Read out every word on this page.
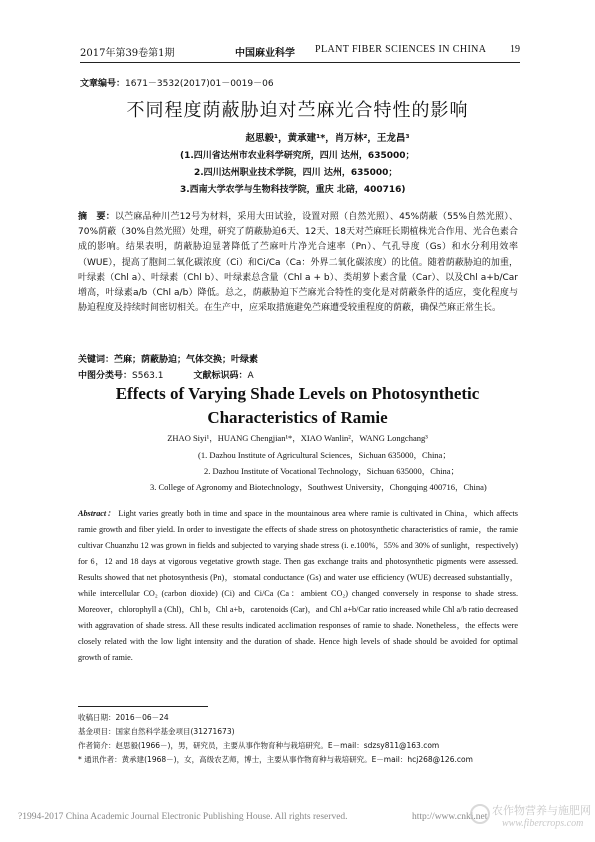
2017年第39卷第1期	中国麻业科学 PLANT FIBER SCIENCES IN CHINA 19
文章编号：1671－3532(2017)01－0019－06
不同程度荫蔽胁迫对苎麻光合特性的影响
赵思毅¹，黄承建¹*，肖万林²，王龙昌³
(1.四川省达州市农业科学研究所，四川 达州，635000；
2.四川达州职业技术学院，四川 达州，635000；
3.西南大学农学与生物科技学院，重庆 北碚，400716)
摘　要：以苎麻品种川苎12号为材料，采用大田试验，设置对照（自然光照）、45%荫蔽（55%自然光照）、70%荫蔽（30%自然光照）处理，研究了荫蔽胁迫6天、12天、18天对苎麻旺长期植株光合作用、光合色素合成的影响。结果表明，荫蔽胁迫显著降低了苎麻叶片净光合速率（Pn）、气孔导度（Gs）和水分利用效率（WUE），提高了胞间二氧化碳浓度（Ci）和Ci/Ca（Ca：外界二氧化碳浓度）的比值。随着荫蔽胁迫的加重，叶绿素（Chl a）、叶绿素（Chl b）、叶绿素总含量（Chl a + b）、类胡萝卜素含量（Car）、以及Chl a+b/Car增高，叶绿素a/b（Chl a/b）降低。总之，荫蔽胁迫下苎麻光合特性的变化是对荫蔽条件的适应，变化程度与胁迫程度及持续时间密切相关。在生产中，应采取措施避免苎麻遭受较重程度的荫蔽，确保苎麻正常生长。
关键词：苎麻；荫蔽胁迫；气体交换；叶绿素
中图分类号：S563.1	文献标识码：A
Effects of Varying Shade Levels on Photosynthetic
Characteristics of Ramie
ZHAO Siyi¹，HUANG Chengjian¹*，XIAO Wanlin²，WANG Longchang³
(1. Dazhou Institute of Agricultural Sciences，Sichuan 635000，China；
2. Dazhou Institute of Vocational Technology，Sichuan 635000，China；
3. College of Agronomy and Biotechnology，Southwest University，Chongqing 400716，China)
Abstract： Light varies greatly both in time and space in the mountainous area where ramie is cultivated in China，which affects ramie growth and fiber yield. In order to investigate the effects of shade stress on photosynthetic characteristics of ramie，the ramie cultivar Chuanzhu 12 was grown in fields and subjected to varying shade stress (i. e.100%，55% and 30% of sunlight，respectively) for 6，12 and 18 days at vigorous vegetative growth stage. Then gas exchange traits and photosynthetic pigments were assessed. Results showed that net photosynthesis (Pn)，stomatal conductance (Gs) and water use efficiency (WUE) decreased substantially，while intercellular CO₂ (carbon dioxide) (Ci) and Ci/Ca (Ca：ambient CO₂) changed conversely in response to shade stress. Moreover，chlorophyll a (Chl)，Chl b，Chl a+b，carotenoids (Car)，and Chl a+b/Car ratio increased while Chl a/b ratio decreased with aggravation of shade stress. All these results indicated acclimation responses of ramie to shade. Nonetheless，the effects were closely related with the low light intensity and the duration of shade. Hence high levels of shade should be avoided for optimal growth of ramie.
收稿日期：2016－06－24
基金项目：国家自然科学基金项目(31271673)
作者简介：赵思毅(1966－)，男，研究员，主要从事作物育种与栽培研究。E－mail：sdzsy811@163.com
* 通讯作者：黄承建(1968－)，女，高级农艺师，博士，主要从事作物育种与栽培研究。E－mail：hcj268@126.com
?1994-2017 China Academic Journal Electronic Publishing House. All rights reserved.	http://www.cnki.net 农作物营养与施肥网
www.fibercrops.com
